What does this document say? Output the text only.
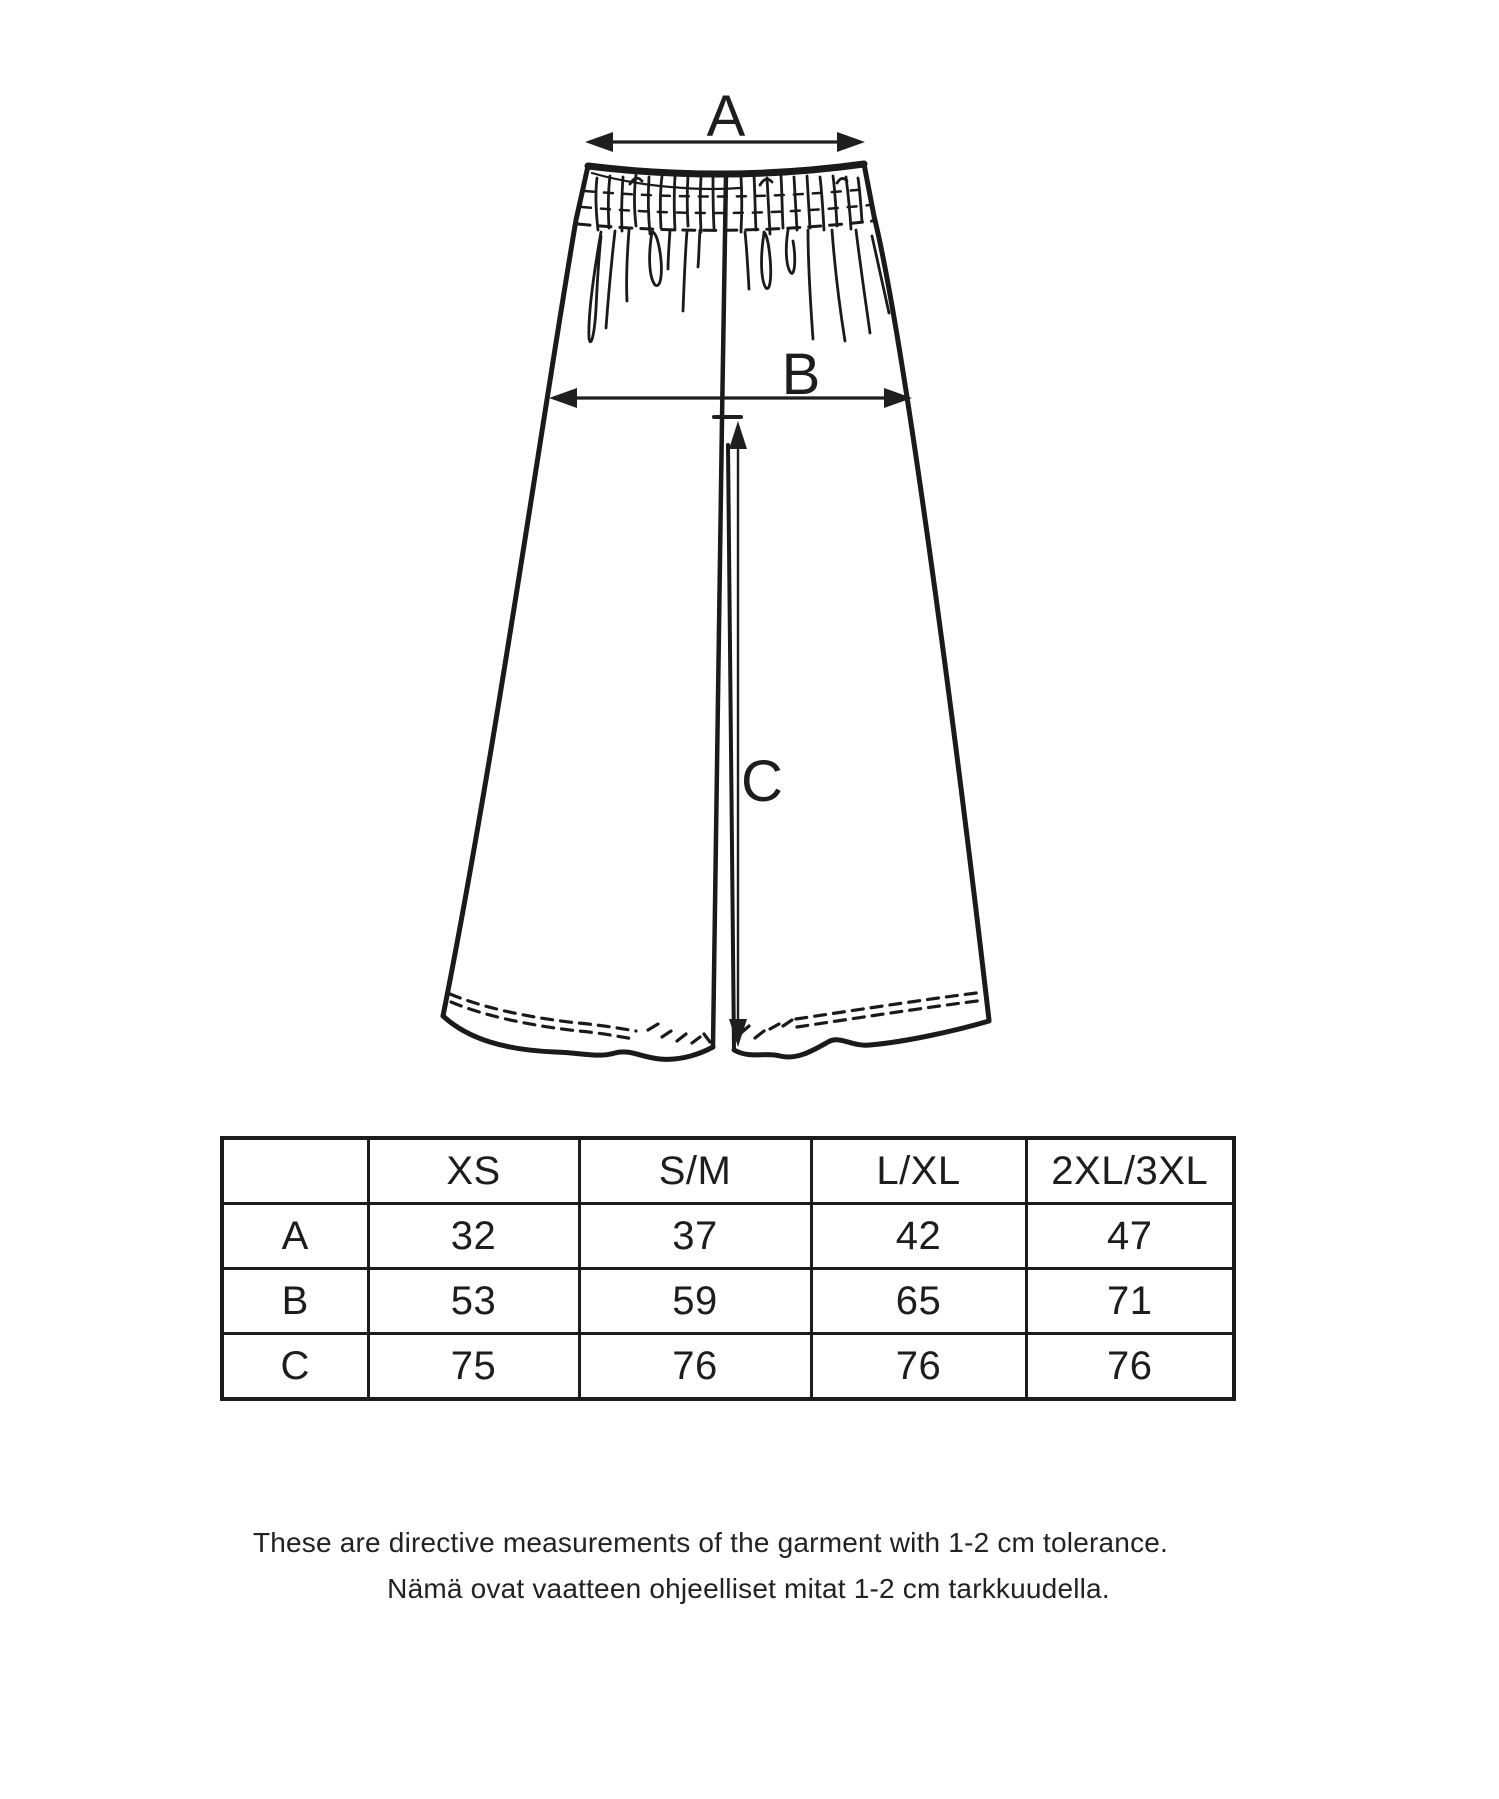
A
B
C
	XS	S/M	L/XL	2XL/3XL
A	32	37	42	47
B	53	59	65	71
C	75	76	76	76
These are directive measurements of the garment with 1-2 cm tolerance.
Nämä ovat vaatteen ohjeelliset mitat 1-2 cm tarkkuudella.
